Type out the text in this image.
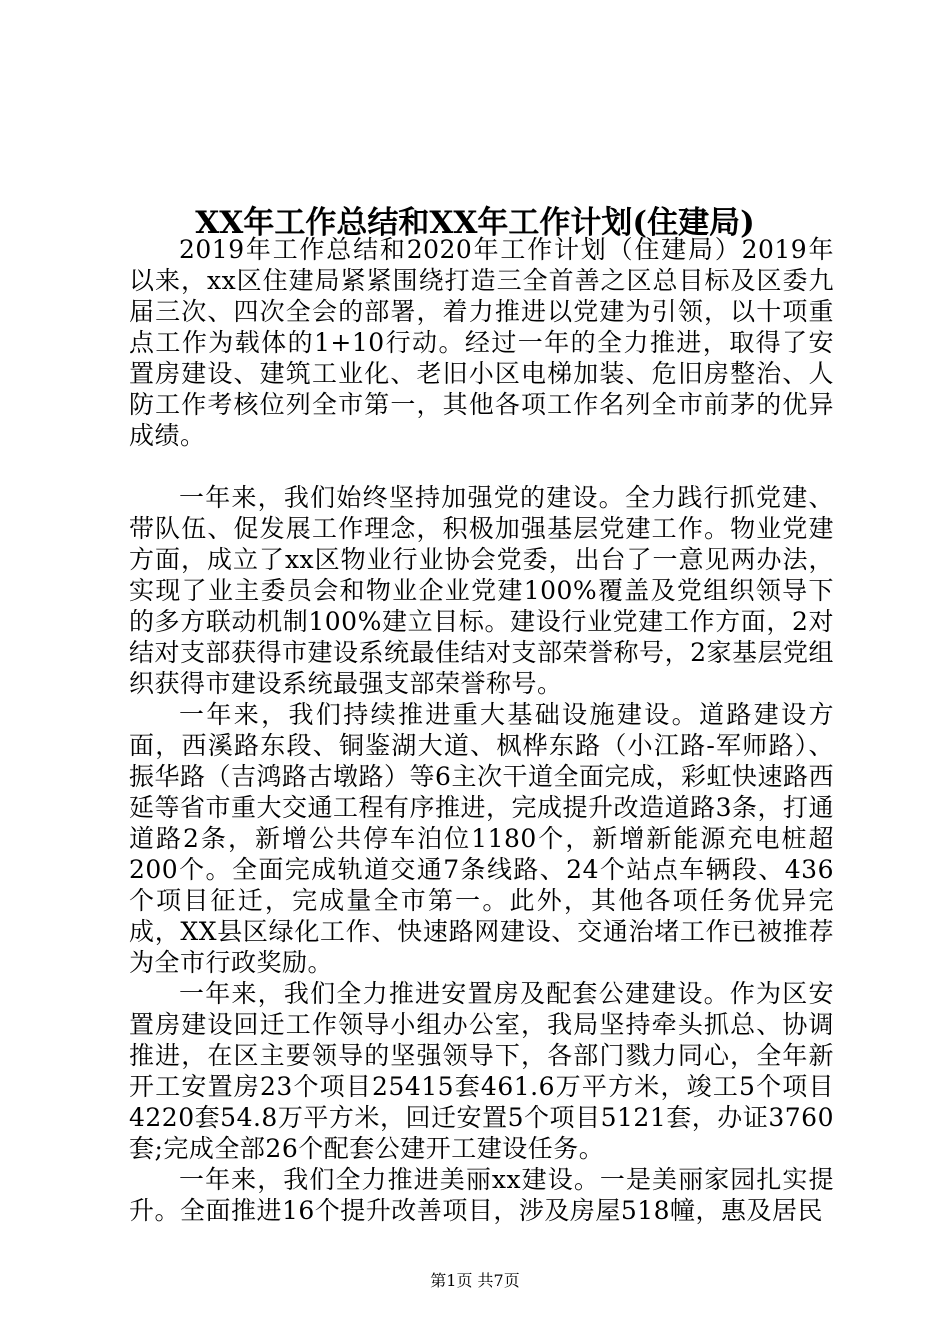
XX年工作总结和XX年工作计划(住建局)

2019年工作总结和2020年工作计划（住建局）2019年以来，xx区住建局紧紧围绕打造三全首善之区总目标及区委九届三次、四次全会的部署，着力推进以党建为引领，以十项重点工作为载体的1+10行动。经过一年的全力推进，取得了安置房建设、建筑工业化、老旧小区电梯加装、危旧房整治、人防工作考核位列全市第一，其他各项工作名列全市前茅的优异成绩。

一年来，我们始终坚持加强党的建设。全力践行抓党建、带队伍、促发展工作理念，积极加强基层党建工作。物业党建方面，成立了xx区物业行业协会党委，出台了一意见两办法，实现了业主委员会和物业企业党建100%覆盖及党组织领导下的多方联动机制100%建立目标。建设行业党建工作方面，2对结对支部获得市建设系统最佳结对支部荣誉称号，2家基层党组织获得市建设系统最强支部荣誉称号。

一年来，我们持续推进重大基础设施建设。道路建设方面，西溪路东段、铜鉴湖大道、枫桦东路（小江路-军师路）、振华路（吉鸿路古墩路）等6主次干道全面完成，彩虹快速路西延等省市重大交通工程有序推进，完成提升改造道路3条，打通道路2条，新增公共停车泊位1180个，新增新能源充电桩超200个。全面完成轨道交通7条线路、24个站点车辆段、436个项目征迁，完成量全市第一。此外，其他各项任务优异完成，XX县区绿化工作、快速路网建设、交通治堵工作已被推荐为全市行政奖励。

一年来，我们全力推进安置房及配套公建建设。作为区安置房建设回迁工作领导小组办公室，我局坚持牵头抓总、协调推进，在区主要领导的坚强领导下，各部门戮力同心，全年新开工安置房23个项目25415套461.6万平方米，竣工5个项目4220套54.8万平方米，回迁安置5个项目5121套，办证3760套;完成全部26个配套公建开工建设任务。

一年来，我们全力推进美丽xx建设。一是美丽家园扎实提升。全面推进16个提升改善项目，涉及房屋518幢，惠及居民

第1页 共7页
